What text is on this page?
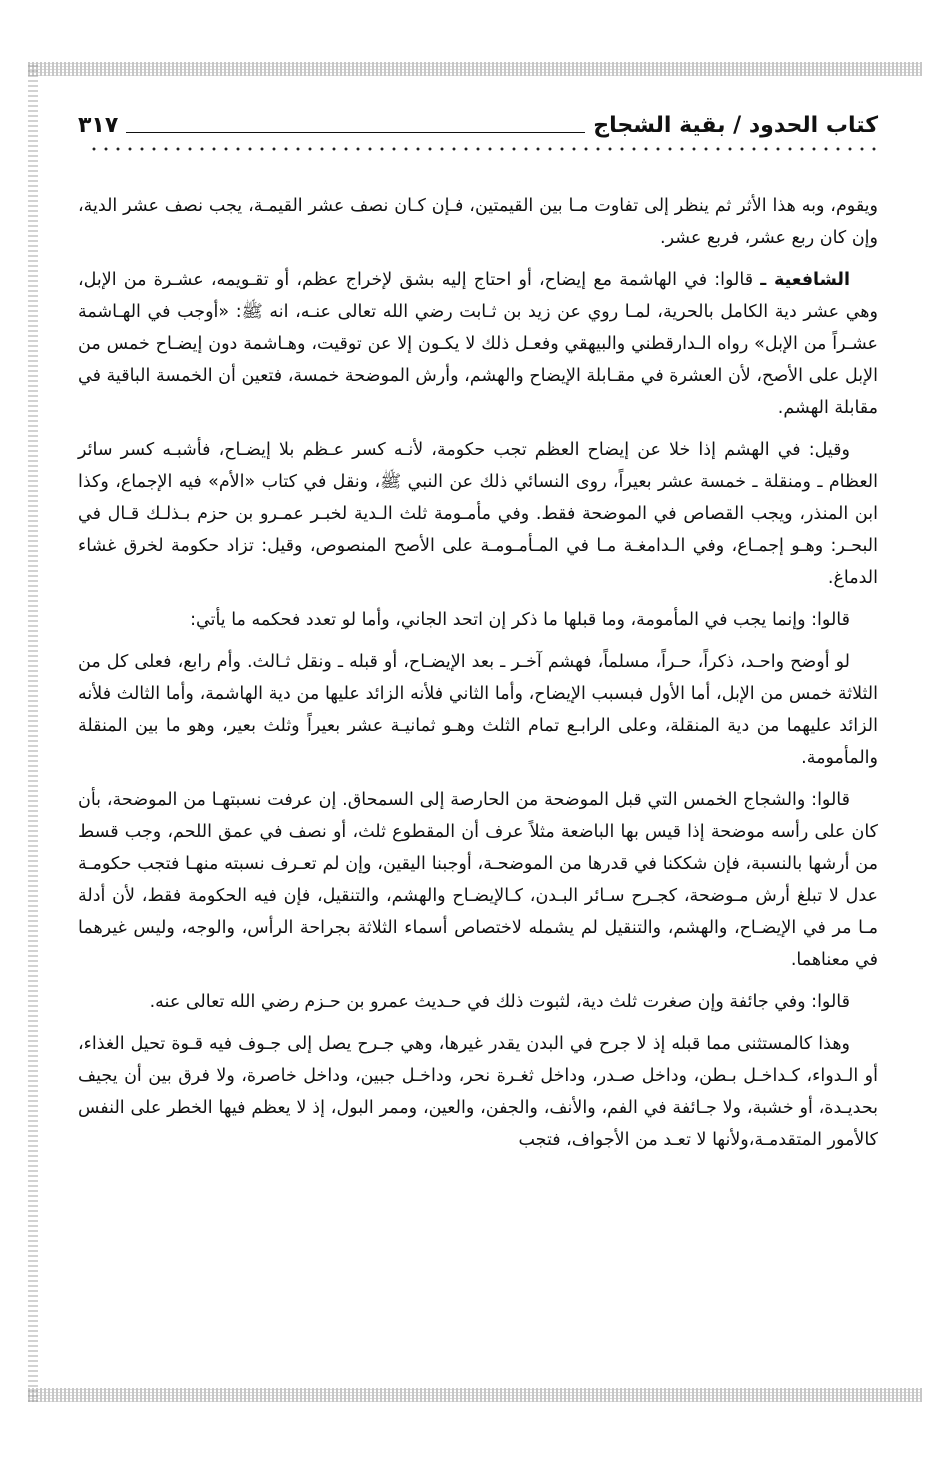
كتاب الحدود / بقية الشجاج
٣١٧

ويقوم، وبه هذا الأثر ثم ينظر إلى تفاوت مـا بين القيمتين، فـإن كـان نصف عشر القيمـة، يجب نصف عشر الدية، وإن كان ربع عشر، فربع عشر.

الشافعية ـ قالوا: في الهاشمة مع إيضاح، أو احتاج إليه بشق لإخراج عظم، أو تقـويمه، عشـرة من الإبل، وهي عشر دية الكامل بالحرية، لمـا روي عن زيد بن ثـابت رضي الله تعالى عنـه، انه ﷺ: «أوجب في الهـاشمة عشـراً من الإبل» رواه الـدارقطني والبيهقي وفعـل ذلك لا يكـون إلا عن توقيت، وهـاشمة دون إيضـاح خمس من الإبل على الأصح، لأن العشرة في مقـابلة الإيضاح والهشم، وأرش الموضحة خمسة، فتعين أن الخمسة الباقية في مقابلة الهشم.

وقيل: في الهشم إذا خلا عن إيضاح العظم تجب حكومة، لأنـه كسر عـظم بلا إيضـاح، فأشبـه كسر سائر العظام ـ ومنقلة ـ خمسة عشر بعيراً، روى النسائي ذلك عن النبي ﷺ، ونقل في كتاب «الأم» فيه الإجماع، وكذا ابن المنذر، ويجب القصاص في الموضحة فقط. وفي مأمـومة ثلث الـدية لخبـر عمـرو بن حزم بـذلـك قـال في البحـر: وهـو إجمـاع، وفي الـدامغـة مـا في المـأمـومـة على الأصح المنصوص، وقيل: تزاد حكومة لخرق غشاء الدماغ.

قالوا: وإنما يجب في المأمومة، وما قبلها ما ذكر إن اتحد الجاني، وأما لو تعدد فحكمه ما يأتي:

لو أوضح واحـد، ذكراً، حـراً، مسلماً، فهشم آخـر ـ بعد الإيضـاح، أو قبله ـ ونقل ثـالث. وأم رابع، فعلى كل من الثلاثة خمس من الإبل، أما الأول فبسبب الإيضاح، وأما الثاني فلأنه الزائد عليها من دية الهاشمة، وأما الثالث فلأنه الزائد عليهما من دية المنقلة، وعلى الرابـع تمام الثلث وهـو ثمانيـة عشر بعيراً وثلث بعير، وهو ما بين المنقلة والمأمومة.

قالوا: والشجاج الخمس التي قبل الموضحة من الحارصة إلى السمحاق. إن عرفت نسبتهـا من الموضحة، بأن كان على رأسه موضحة إذا قيس بها الباضعة مثلاً عرف أن المقطوع ثلث، أو نصف في عمق اللحم، وجب قسط من أرشها بالنسبة، فإن شككنا في قدرها من الموضحـة، أوجبنا اليقين، وإن لم تعـرف نسبته منهـا فتجب حكومـة عدل لا تبلغ أرش مـوضحة، كجـرح سـائر البـدن، كـالإيضـاح والهشم، والتنقيل، فإن فيه الحكومة فقط، لأن أدلة مـا مر في الإيضـاح، والهشم، والتنقيل لم يشمله لاختصاص أسماء الثلاثة بجراحة الرأس، والوجه، وليس غيرهما في معناهما.

قالوا: وفي جائفة وإن صغرت ثلث دية، لثبوت ذلك في حـديث عمرو بن حـزم رضي الله تعالى عنه.

وهذا كالمستثنى مما قبله إذ لا جرح في البدن يقدر غيرها، وهي جـرح يصل إلى جـوف فيه قـوة تحيل الغذاء، أو الـدواء، كـداخـل بـطن، وداخل صـدر، وداخل ثغـرة نحر، وداخـل جبين، وداخل خاصرة، ولا فرق بين أن يجيف بحديـدة، أو خشبة، ولا جـائفة في الفم، والأنف، والجفن، والعين، وممر البول، إذ لا يعظم فيها الخطر على النفس كالأمور المتقدمـة،ولأنها لا تعـد من الأجواف، فتجب
